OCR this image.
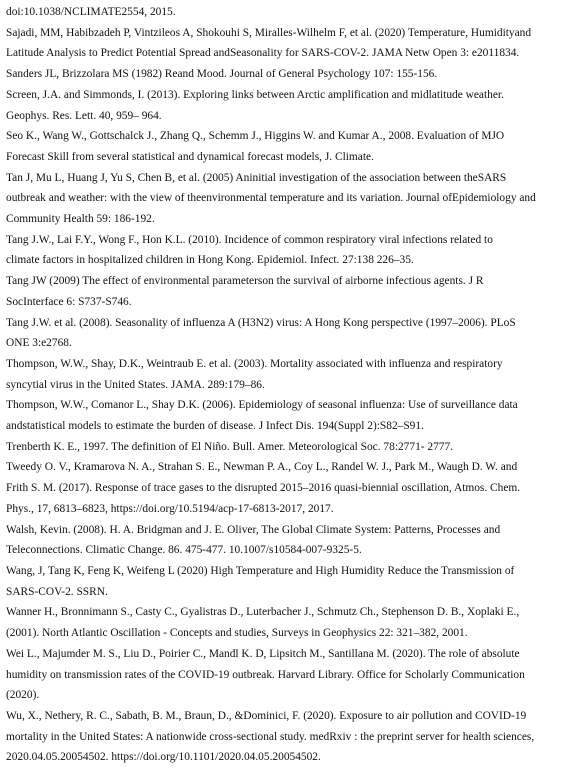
doi:10.1038/NCLIMATE2554, 2015.
Sajadi, MM, Habibzadeh P, Vintzileos A, Shokouhi S, Miralles-Wilhelm F, et al. (2020) Temperature, Humidityand
Latitude Analysis to Predict Potential Spread andSeasonality for SARS-COV-2. JAMA Netw Open 3: e2011834.
Sanders JL, Brizzolara MS (1982) Reand Mood. Journal of General Psychology 107: 155-156.
Screen, J.A. and Simmonds, I. (2013). Exploring links between Arctic amplification and midlatitude weather.
Geophys. Res. Lett. 40, 959– 964.
Seo K., Wang W., Gottschalck J., Zhang Q., Schemm J., Higgins W. and Kumar A., 2008. Evaluation of MJO
Forecast Skill from several statistical and dynamical forecast models, J. Climate.
Tan J, Mu L, Huang J, Yu S, Chen B, et al. (2005) Aninitial investigation of the association between theSARS
outbreak and weather: with the view of theenvironmental temperature and its variation. Journal ofEpidemiology and
Community Health 59: 186-192.
Tang J.W., Lai F.Y., Wong F., Hon K.L. (2010). Incidence of common respiratory viral infections related to
climate factors in hospitalized children in Hong Kong. Epidemiol. Infect. 27:138 226–35.
Tang JW (2009) The effect of environmental parameterson the survival of airborne infectious agents. J R
SocInterface 6: S737-S746.
Tang J.W. et al. (2008). Seasonality of influenza A (H3N2) virus: A Hong Kong perspective (1997–2006). PLoS
ONE 3:e2768.
Thompson, W.W., Shay, D.K., Weintraub E. et al. (2003). Mortality associated with influenza and respiratory
syncytial virus in the United States. JAMA. 289:179–86.
Thompson, W.W., Comanor L., Shay D.K. (2006). Epidemiology of seasonal influenza: Use of surveillance data
andstatistical models to estimate the burden of disease. J Infect Dis. 194(Suppl 2):S82–S91.
Trenberth K. E., 1997. The definition of El Niño. Bull. Amer. Meteorological Soc. 78:2771- 2777.
Tweedy O. V., Kramarova N. A., Strahan S. E., Newman P. A., Coy L., Randel W. J., Park M., Waugh D. W. and
Frith S. M. (2017). Response of trace gases to the disrupted 2015–2016 quasi-biennial oscillation, Atmos. Chem.
Phys., 17, 6813–6823, https://doi.org/10.5194/acp-17-6813-2017, 2017.
Walsh, Kevin. (2008). H. A. Bridgman and J. E. Oliver, The Global Climate System: Patterns, Processes and
Teleconnections. Climatic Change. 86. 475-477. 10.1007/s10584-007-9325-5.
Wang, J, Tang K, Feng K, Weifeng L (2020) High Temperature and High Humidity Reduce the Transmission of
SARS-COV-2. SSRN.
Wanner H., Bronnimann S., Casty C., Gyalistras D., Luterbacher J., Schmutz Ch., Stephenson D. B., Xoplaki E.,
(2001). North Atlantic Oscillation - Concepts and studies, Surveys in Geophysics 22: 321–382, 2001.
Wei L., Majumder M. S., Liu D., Poirier C., Mandl K. D, Lipsitch M., Santillana M. (2020). The role of absolute
humidity on transmission rates of the COVID-19 outbreak. Harvard Library. Office for Scholarly Communication
(2020).
Wu, X., Nethery, R. C., Sabath, B. M., Braun, D., &Dominici, F. (2020). Exposure to air pollution and COVID-19
mortality in the United States: A nationwide cross-sectional study. medRxiv : the preprint server for health sciences,
2020.04.05.20054502. https://doi.org/10.1101/2020.04.05.20054502.
